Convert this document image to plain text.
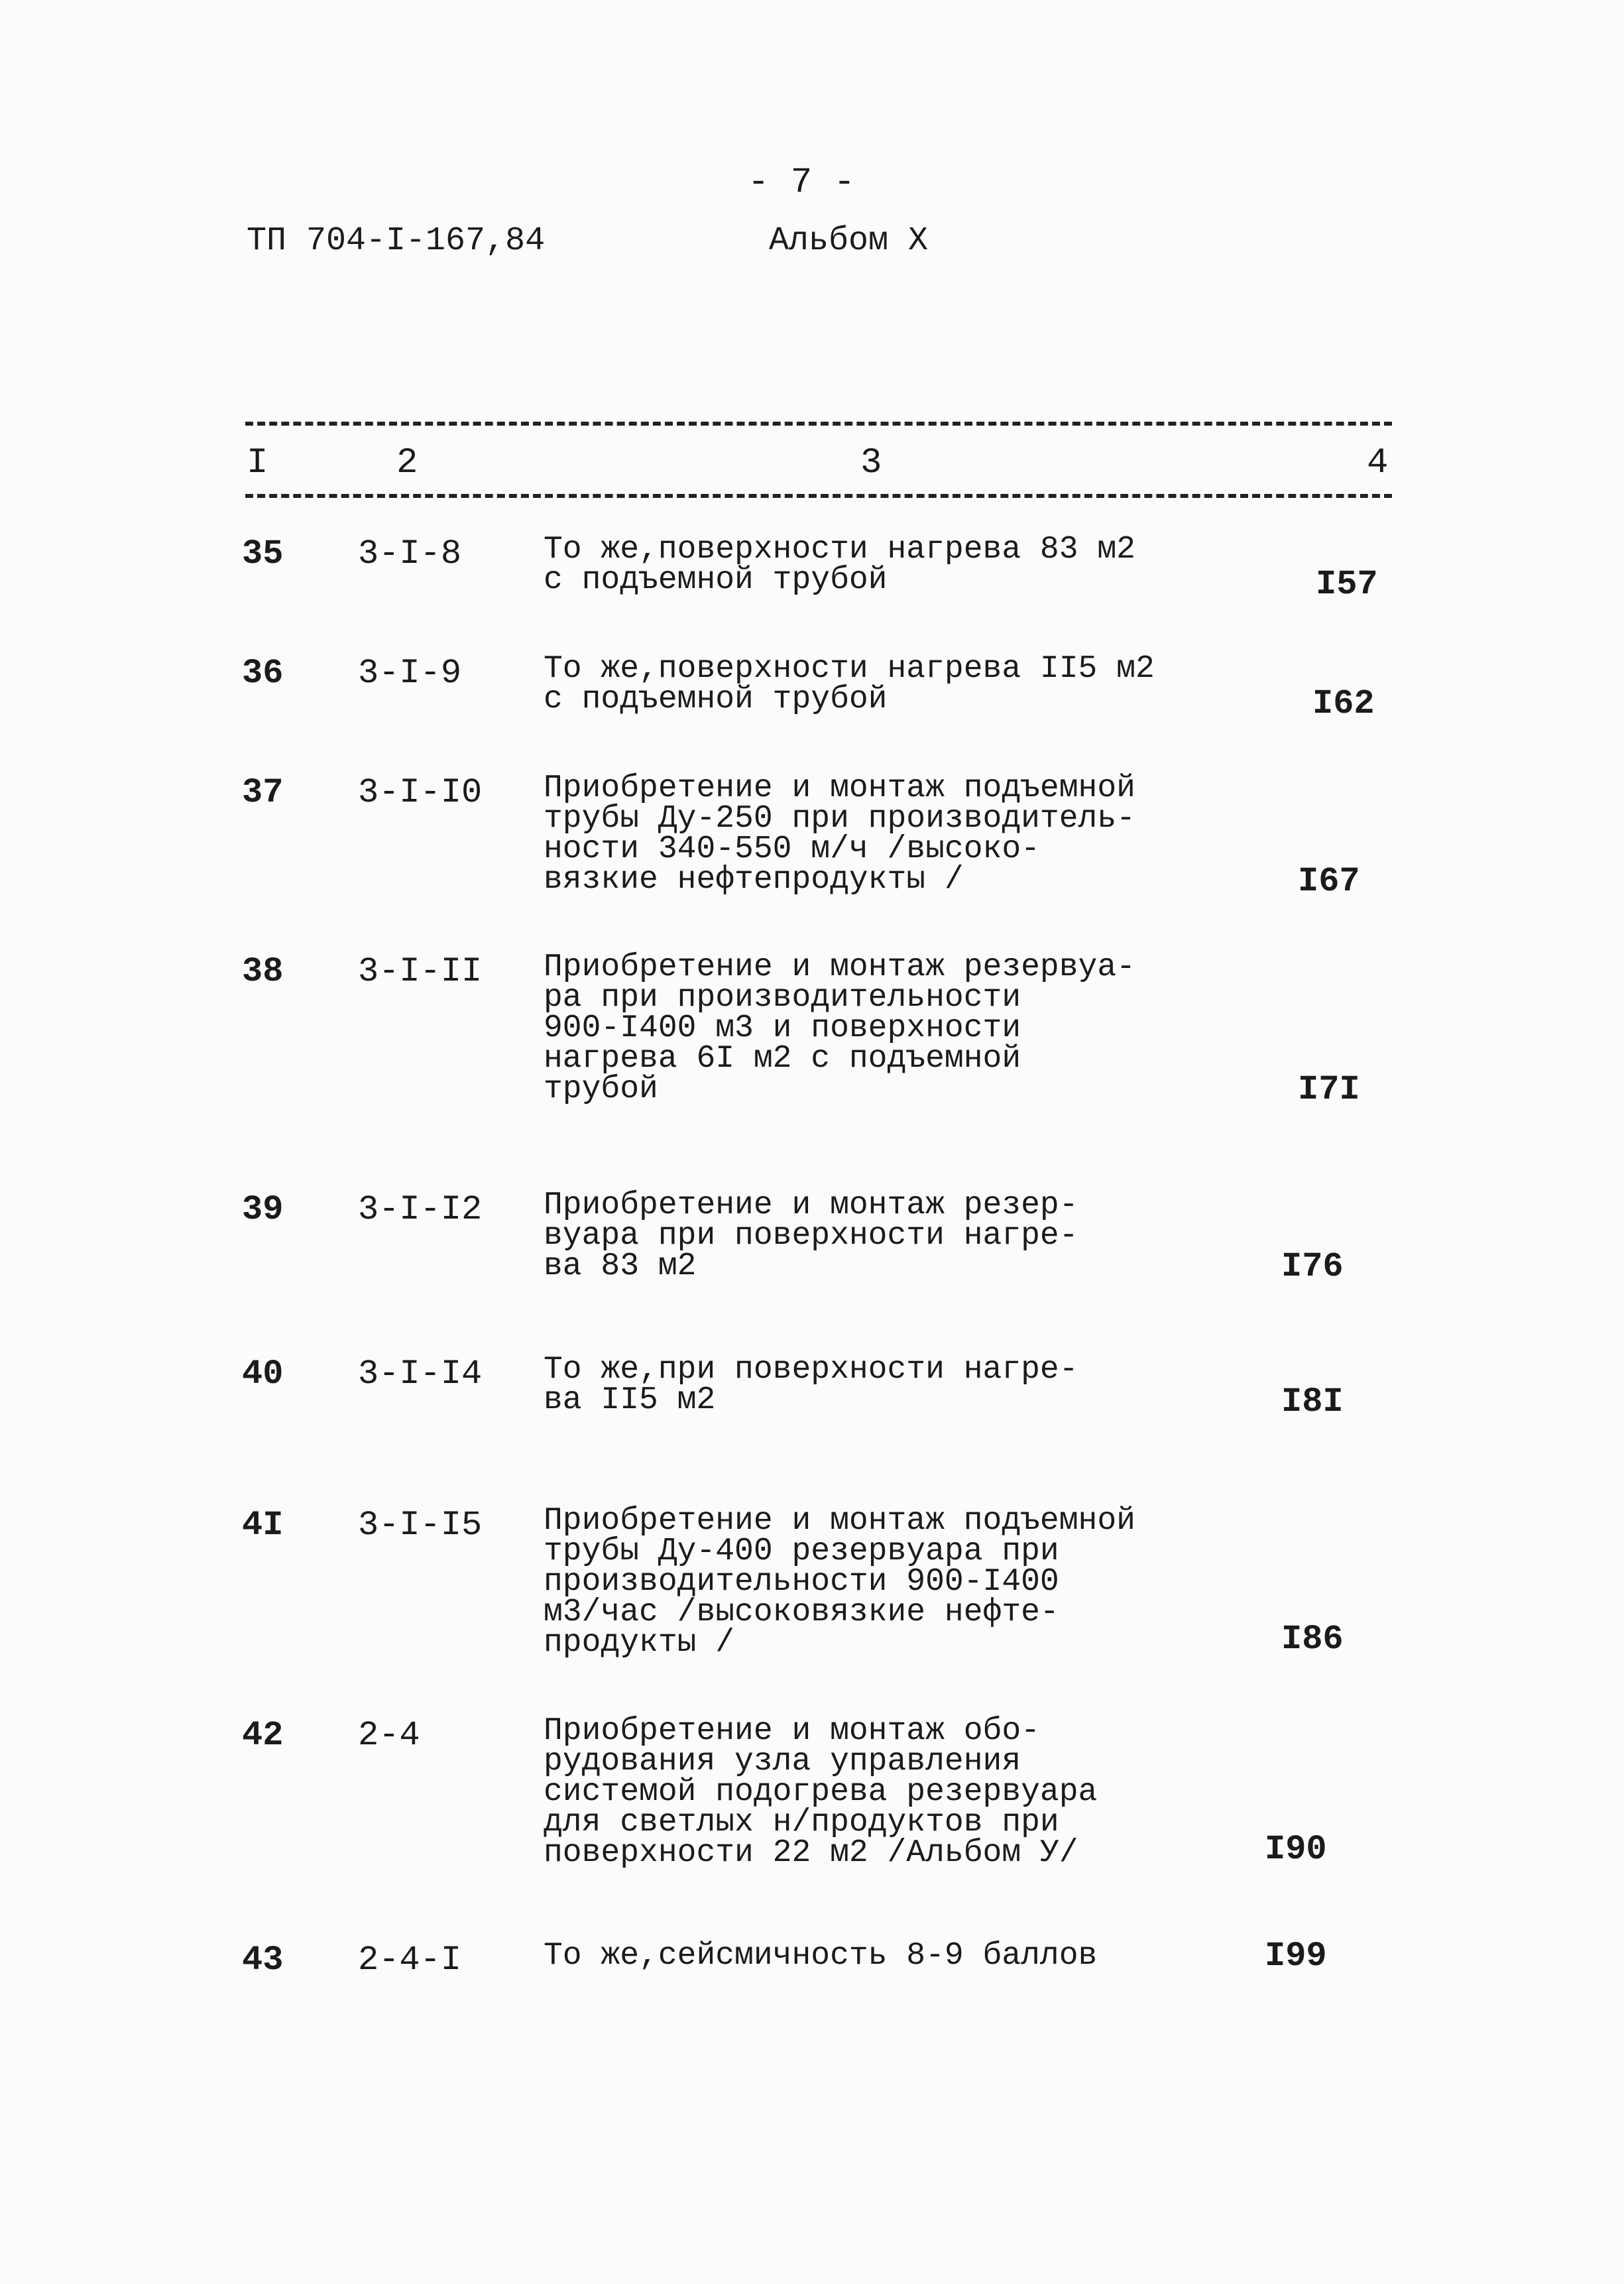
- 7 -
ТП 704-I-167,84	Альбом X
I	2	3	4
35 3-I-8	То же,поверхности нагрева 83 м2
с подъемной трубой	I57
36 3-I-9	То же,поверхности нагрева II5 м2
с подъемной трубой	I62
37 3-I-I0 Приобретение и монтаж подъемной
трубы Ду-250 при производитель-
ности 340-550 м/ч /высоко-
вязкие нефтепродукты /	I67
38 3-I-II Приобретение и монтаж резервуа-
ра при производительности
900-I400 м3 и поверхности
нагрева 6I м2 с подъемной
трубой	I7I
39 3-I-I2 Приобретение и монтаж резер-
вуара при поверхности нагре-
ва 83 м2	I76
40 3-I-I4 То же,при поверхности нагре-
ва II5 м2	I8I
4I 3-I-I5 Приобретение и монтаж подъемной
трубы Ду-400 резервуара при
производительности 900-I400
м3/час /высоковязкие нефте-
продукты /	I86
42 2-4	Приобретение и монтаж обо-
рудования узла управления
системой подогрева резервуара
для светлых н/продуктов при
поверхности 22 м2 /Альбом У/	I90
43 2-4-I	То же,сейсмичность 8-9 баллов	I99
